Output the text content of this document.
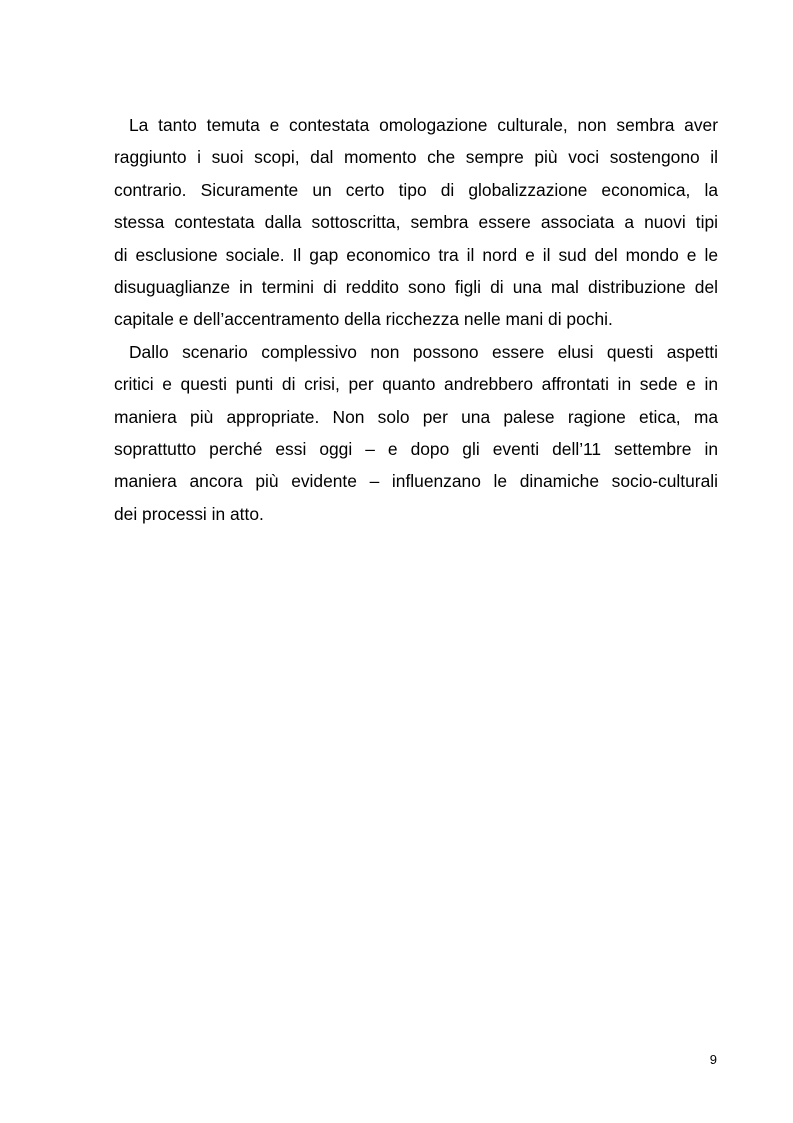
La tanto temuta e contestata omologazione culturale, non sembra aver
raggiunto i suoi scopi, dal momento che sempre più voci sostengono il
contrario. Sicuramente un certo tipo di globalizzazione economica, la
stessa contestata dalla sottoscritta, sembra essere associata a nuovi tipi
di esclusione sociale. Il gap economico tra il nord e il sud del mondo e le
disuguaglianze in termini di reddito sono figli di una mal distribuzione del
capitale e dell’accentramento della ricchezza nelle mani di pochi.

Dallo scenario complessivo non possono essere elusi questi aspetti
critici e questi punti di crisi, per quanto andrebbero affrontati in sede e in
maniera più appropriate. Non solo per una palese ragione etica, ma
soprattutto perché essi oggi – e dopo gli eventi dell’11 settembre in
maniera ancora più evidente – influenzano le dinamiche socio-culturali
dei processi in atto.

9
